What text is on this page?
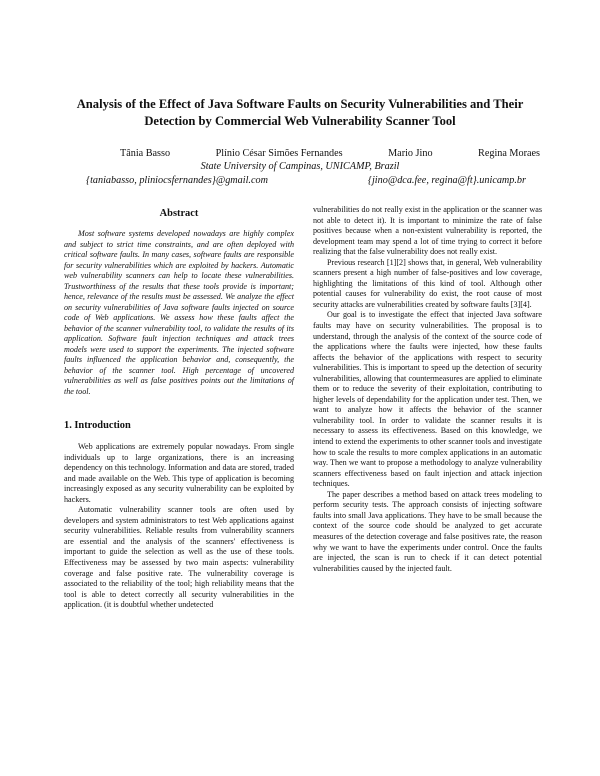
Analysis of the Effect of Java Software Faults on Security Vulnerabilities and Their Detection by Commercial Web Vulnerability Scanner Tool
Tânia Basso	Plínio César Simões Fernandes	Mario Jino	Regina Moraes
State University of Campinas, UNICAMP, Brazil
{taniabasso, pliniocsfernandes}@gmail.com	{jino@dca.fee, regina@ft}.unicamp.br
Abstract

Most software systems developed nowadays are highly complex and subject to strict time constraints, and are often deployed with critical software faults. In many cases, software faults are responsible for security vulnerabilities which are exploited by hackers. Automatic web vulnerability scanners can help to locate these vulnerabilities. Trustworthiness of the results that these tools provide is important; hence, relevance of the results must be assessed. We analyze the effect on security vulnerabilities of Java software faults injected on source code of Web applications. We assess how these faults affect the behavior of the scanner vulnerability tool, to validate the results of its application. Software fault injection techniques and attack trees models were used to support the experiments. The injected software faults influenced the application behavior and, consequently, the behavior of the scanner tool. High percentage of uncovered vulnerabilities as well as false positives points out the limitations of the tool.

1. Introduction

Web applications are extremely popular nowadays. From single individuals up to large organizations, there is an increasing dependency on this technology. Information and data are stored, traded and made available on the Web. This type of application is becoming increasingly exposed as any security vulnerability can be exploited by hackers.

Automatic vulnerability scanner tools are often used by developers and system administrators to test Web applications against security vulnerabilities. Reliable results from vulnerability scanners are essential and the analysis of the scanners' effectiveness is important to guide the selection as well as the use of these tools. Effectiveness may be assessed by two main aspects: vulnerability coverage and false positive rate. The vulnerability coverage is associated to the reliability of the tool; high reliability means that the tool is able to detect correctly all security vulnerabilities in the application. (it is doubtful whether undetected

vulnerabilities do not really exist in the application or the scanner was not able to detect it). It is important to minimize the rate of false positives because when a non-existent vulnerability is reported, the development team may spend a lot of time trying to correct it before realizing that the false vulnerability does not really exist.

Previous research [1][2] shows that, in general, Web vulnerability scanners present a high number of false-positives and low coverage, highlighting the limitations of this kind of tool. Although other potential causes for vulnerability do exist, the root cause of most security attacks are vulnerabilities created by software faults [3][4].

Our goal is to investigate the effect that injected Java software faults may have on security vulnerabilities. The proposal is to understand, through the analysis of the context of the source code of the applications where the faults were injected, how these faults affects the behavior of the applications with respect to security vulnerabilities. This is important to speed up the detection of security vulnerabilities, allowing that countermeasures are applied to eliminate them or to reduce the severity of their exploitation, contributing to higher levels of dependability for the application under test. Then, we want to analyze how it affects the behavior of the scanner vulnerability tool. In order to validate the scanner results it is necessary to assess its effectiveness. Based on this knowledge, we intend to extend the experiments to other scanner tools and investigate how to scale the results to more complex applications in an automatic way. Then we want to propose a methodology to analyze vulnerability scanners effectiveness based on fault injection and attack injection techniques.

The paper describes a method based on attack trees modeling to perform security tests. The approach consists of injecting software faults into small Java applications. They have to be small because the context of the source code should be analyzed to get accurate measures of the detection coverage and false positives rate, the reason why we want to have the experiments under control. Once the faults are injected, the scan is run to check if it can detect potential vulnerabilities caused by the injected fault.
